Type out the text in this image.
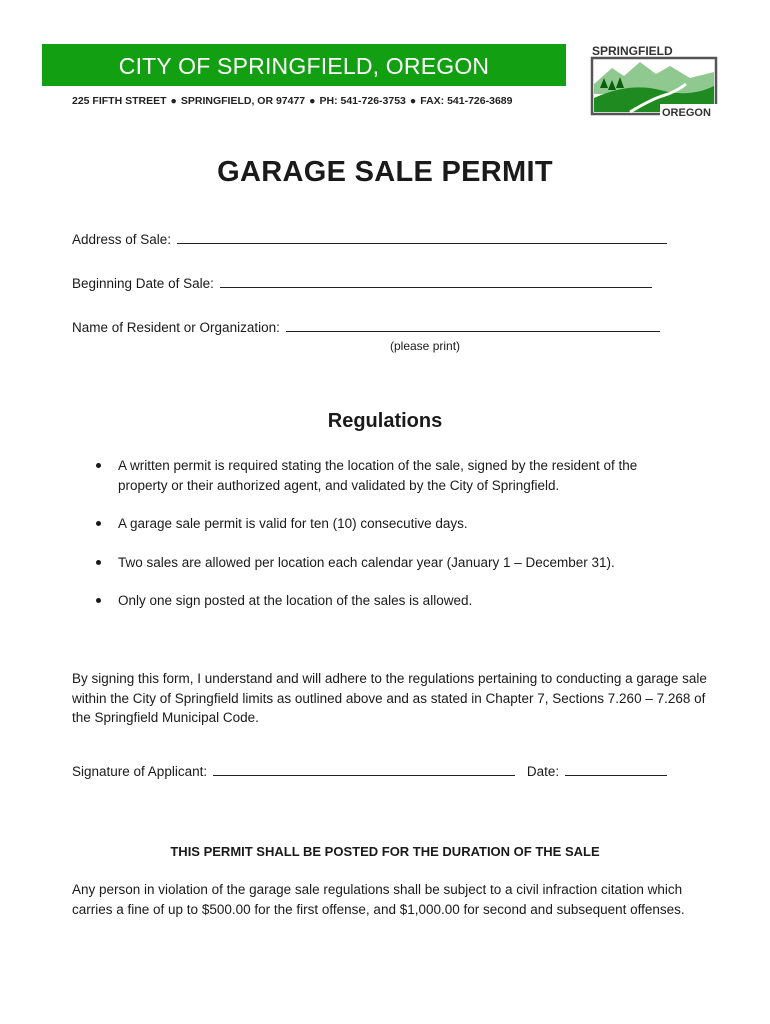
CITY OF SPRINGFIELD, OREGON
225 FIFTH STREET ● SPRINGFIELD, OR 97477 ● PH: 541-726-3753 ● FAX: 541-726-3689
SPRINGFIELD
OREGON
GARAGE SALE PERMIT
Address of Sale:
Beginning Date of Sale:
Name of Resident or Organization:
(please print)
Regulations
A written permit is required stating the location of the sale, signed by the resident of the property or their authorized agent, and validated by the City of Springfield.
A garage sale permit is valid for ten (10) consecutive days.
Two sales are allowed per location each calendar year (January 1 – December 31).
Only one sign posted at the location of the sales is allowed.
By signing this form, I understand and will adhere to the regulations pertaining to conducting a garage sale within the City of Springfield limits as outlined above and as stated in Chapter 7, Sections 7.260 – 7.268 of the Springfield Municipal Code.
Signature of Applicant:	Date:
THIS PERMIT SHALL BE POSTED FOR THE DURATION OF THE SALE
Any person in violation of the garage sale regulations shall be subject to a civil infraction citation which carries a fine of up to $500.00 for the first offense, and $1,000.00 for second and subsequent offenses.
